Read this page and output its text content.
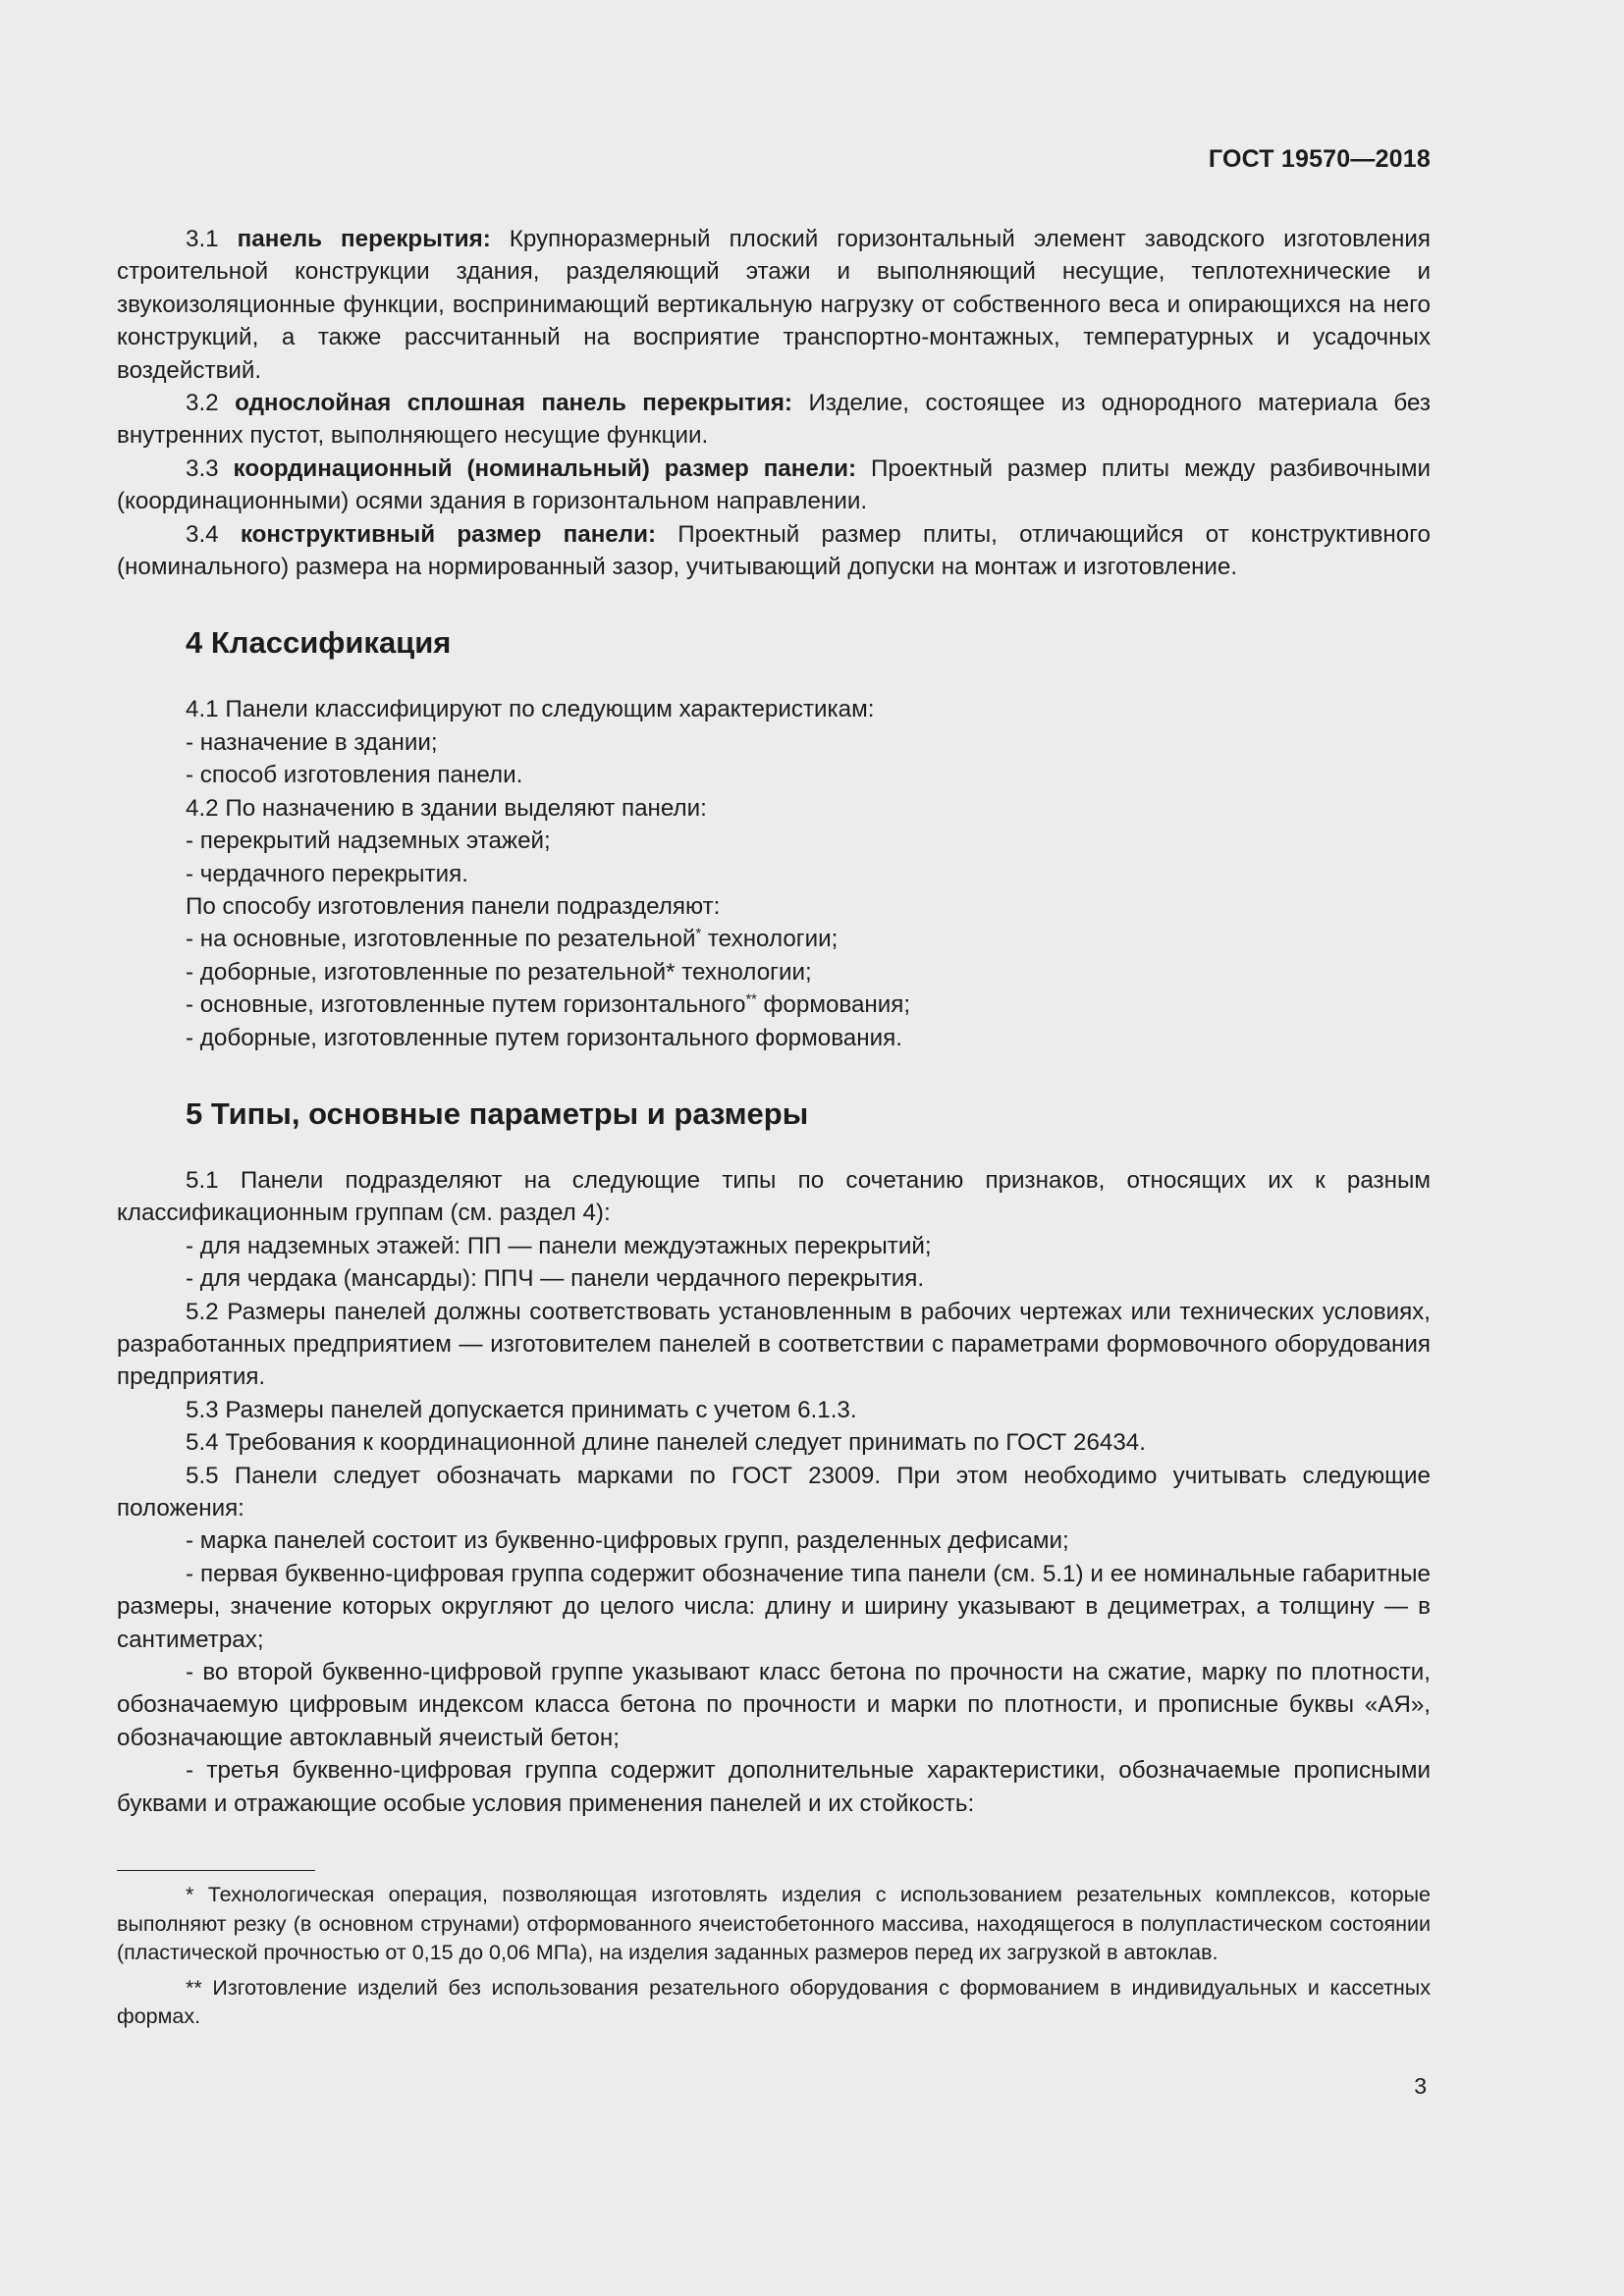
ГОСТ 19570—2018

3.1 панель перекрытия: Крупноразмерный плоский горизонтальный элемент заводского изготовления строительной конструкции здания, разделяющий этажи и выполняющий несущие, теплотехнические и звукоизоляционные функции, воспринимающий вертикальную нагрузку от собственного веса и опирающихся на него конструкций, а также рассчитанный на восприятие транспортно-монтажных, температурных и усадочных воздействий.

3.2 однослойная сплошная панель перекрытия: Изделие, состоящее из однородного материала без внутренних пустот, выполняющего несущие функции.

3.3 координационный (номинальный) размер панели: Проектный размер плиты между разбивочными (координационными) осями здания в горизонтальном направлении.

3.4 конструктивный размер панели: Проектный размер плиты, отличающийся от конструктивного (номинального) размера на нормированный зазор, учитывающий допуски на монтаж и изготовление.

4 Классификация

4.1 Панели классифицируют по следующим характеристикам:

- назначение в здании;

- способ изготовления панели.

4.2 По назначению в здании выделяют панели:

- перекрытий надземных этажей;

- чердачного перекрытия.

По способу изготовления панели подразделяют:

- на основные, изготовленные по резательной* технологии;

- доборные, изготовленные по резательной* технологии;

- основные, изготовленные путем горизонтального** формования;

- доборные, изготовленные путем горизонтального формования.

5 Типы, основные параметры и размеры

5.1 Панели подразделяют на следующие типы по сочетанию признаков, относящих их к разным классификационным группам (см. раздел 4):

- для надземных этажей: ПП — панели междуэтажных перекрытий;

- для чердака (мансарды): ППЧ — панели чердачного перекрытия.

5.2 Размеры панелей должны соответствовать установленным в рабочих чертежах или технических условиях, разработанных предприятием — изготовителем панелей в соответствии с параметрами формовочного оборудования предприятия.

5.3 Размеры панелей допускается принимать с учетом 6.1.3.

5.4 Требования к координационной длине панелей следует принимать по ГОСТ 26434.

5.5 Панели следует обозначать марками по ГОСТ 23009. При этом необходимо учитывать следующие положения:

- марка панелей состоит из буквенно-цифровых групп, разделенных дефисами;

- первая буквенно-цифровая группа содержит обозначение типа панели (см. 5.1) и ее номинальные габаритные размеры, значение которых округляют до целого числа: длину и ширину указывают в дециметрах, а толщину — в сантиметрах;

- во второй буквенно-цифровой группе указывают класс бетона по прочности на сжатие, марку по плотности, обозначаемую цифровым индексом класса бетона по прочности и марки по плотности, и прописные буквы «АЯ», обозначающие автоклавный ячеистый бетон;

- третья буквенно-цифровая группа содержит дополнительные характеристики, обозначаемые прописными буквами и отражающие особые условия применения панелей и их стойкость:

* Технологическая операция, позволяющая изготовлять изделия с использованием резательных комплексов, которые выполняют резку (в основном струнами) отформованного ячеистобетонного массива, находящегося в полупластическом состоянии (пластической прочностью от 0,15 до 0,06 МПа), на изделия заданных размеров перед их загрузкой в автоклав.

** Изготовление изделий без использования резательного оборудования с формованием в индивидуальных и кассетных формах.

3
